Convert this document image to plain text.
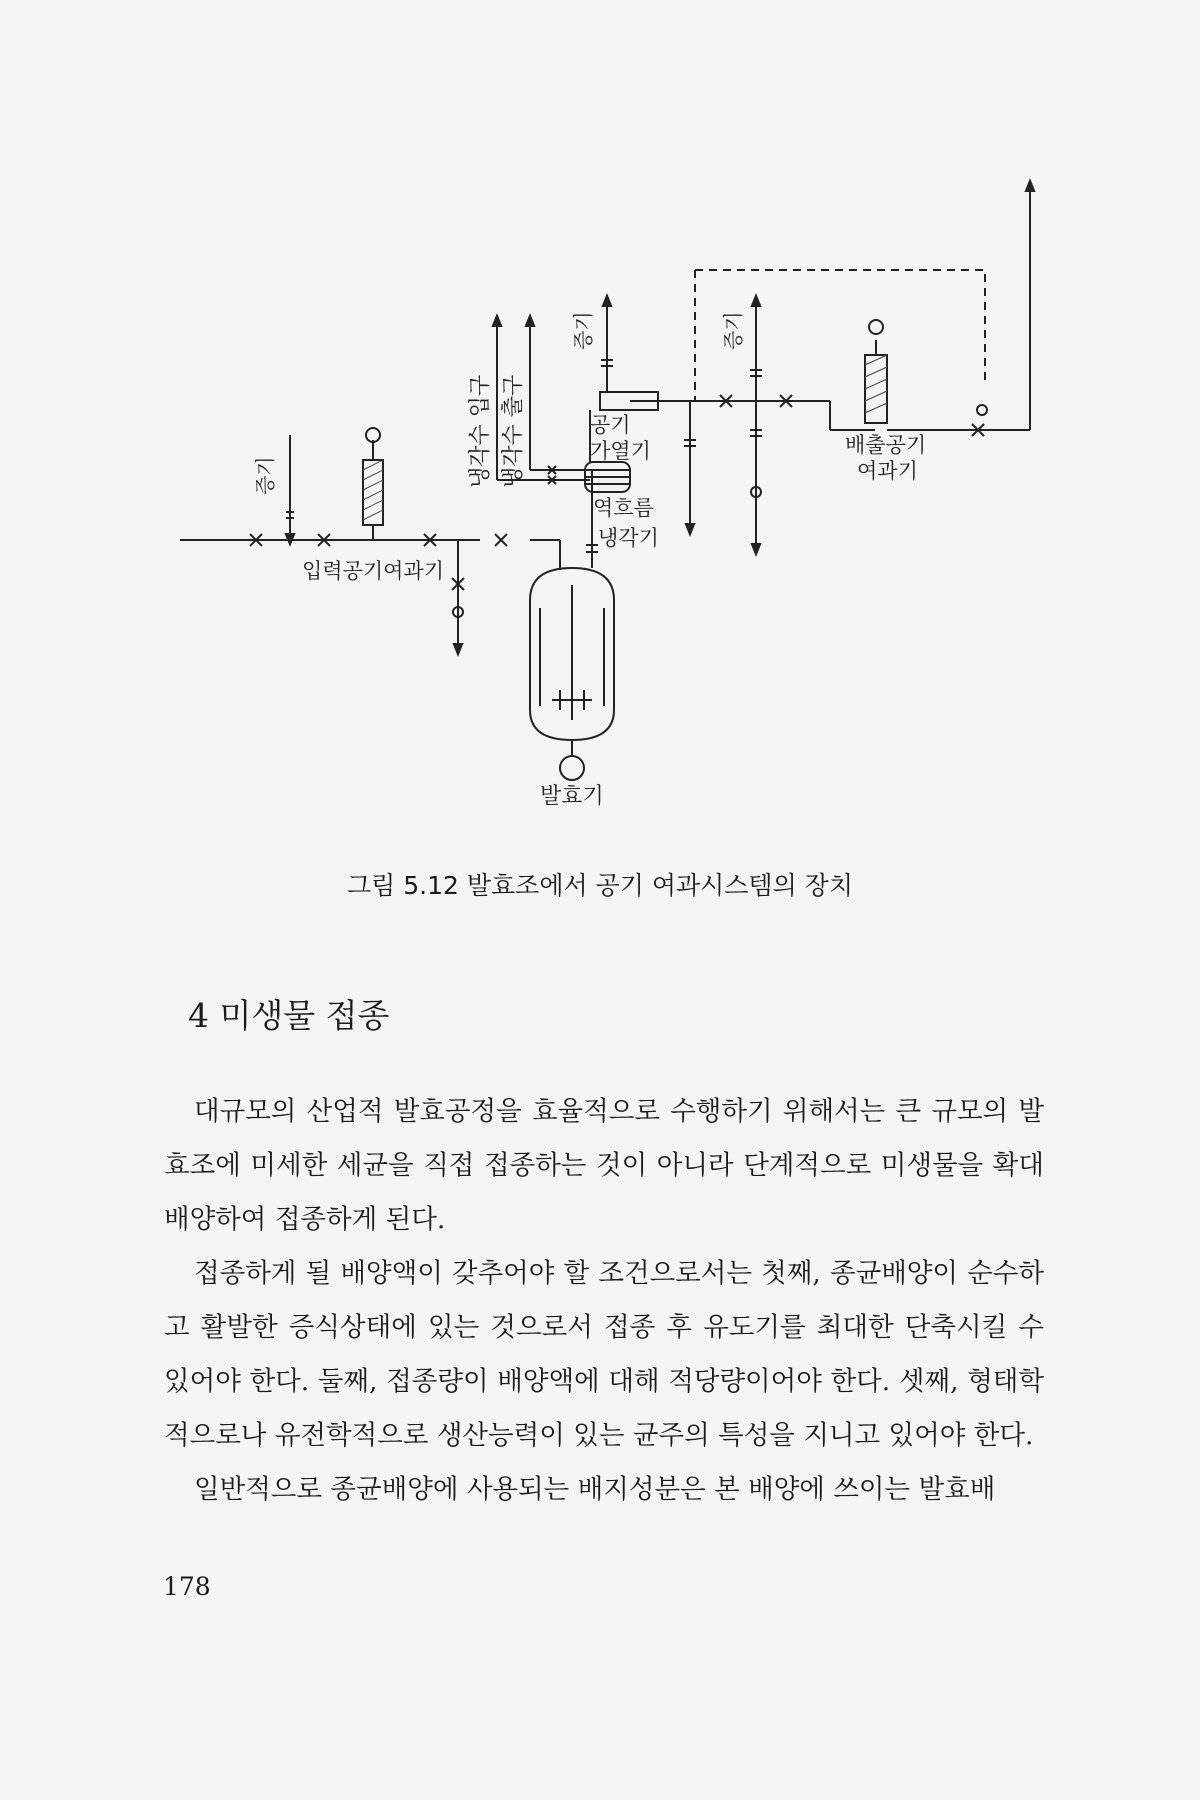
증기
입력공기여과기
냉각수 입구 냉각수 출구
증기
공기
가열기
역흐름
냉각기
증기
배출공기
여과기
발효기
그림 5.12 발효조에서 공기 여과시스템의 장치
4 미생물 접종

대규모의 산업적 발효공정을 효율적으로 수행하기 위해서는 큰 규모의 발효조에 미세한 세균을 직접 접종하는 것이 아니라 단계적으로 미생물을 확대 배양하여 접종하게 된다.

접종하게 될 배양액이 갖추어야 할 조건으로서는 첫째, 종균배양이 순수하고 활발한 증식상태에 있는 것으로서 접종 후 유도기를 최대한 단축시킬 수 있어야 한다. 둘째, 접종량이 배양액에 대해 적당량이어야 한다. 셋째, 형태학적으로나 유전학적으로 생산능력이 있는 균주의 특성을 지니고 있어야 한다.

일반적으로 종균배양에 사용되는 배지성분은 본 배양에 쓰이는 발효배

178
